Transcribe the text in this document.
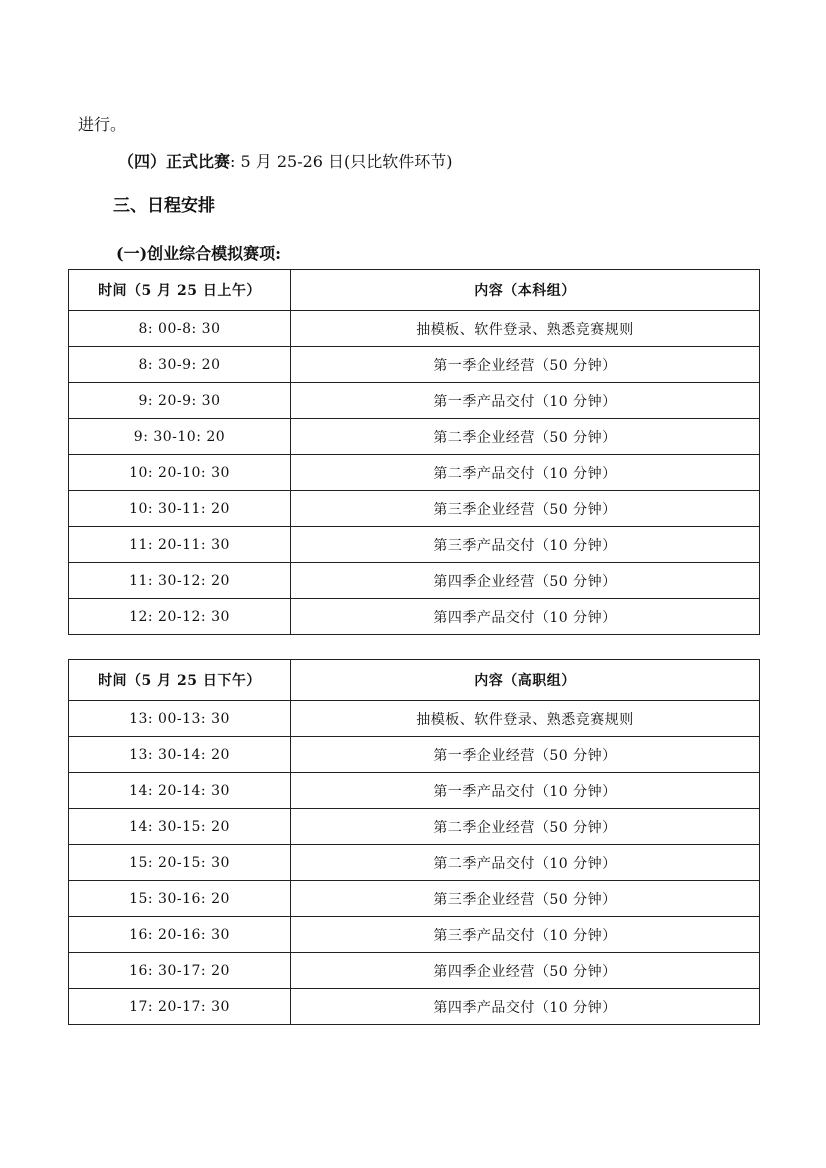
进行。
（四）正式比赛: 5 月 25-26 日(只比软件环节)
三、日程安排
(一)创业综合模拟赛项:
时间（5 月 25 日上午）	内容（本科组）
8: 00-8: 30	抽模板、软件登录、熟悉竞赛规则
8: 30-9: 20	第一季企业经营（50 分钟）
9: 20-9: 30	第一季产品交付（10 分钟）
9: 30-10: 20	第二季企业经营（50 分钟）
10: 20-10: 30	第二季产品交付（10 分钟）
10: 30-11: 20	第三季企业经营（50 分钟）
11: 20-11: 30	第三季产品交付（10 分钟）
11: 30-12: 20	第四季企业经营（50 分钟）
12: 20-12: 30	第四季产品交付（10 分钟）
时间（5 月 25 日下午）	内容（高职组）
13: 00-13: 30	抽模板、软件登录、熟悉竞赛规则
13: 30-14: 20	第一季企业经营（50 分钟）
14: 20-14: 30	第一季产品交付（10 分钟）
14: 30-15: 20	第二季企业经营（50 分钟）
15: 20-15: 30	第二季产品交付（10 分钟）
15: 30-16: 20	第三季企业经营（50 分钟）
16: 20-16: 30	第三季产品交付（10 分钟）
16: 30-17: 20	第四季企业经营（50 分钟）
17: 20-17: 30	第四季产品交付（10 分钟）
